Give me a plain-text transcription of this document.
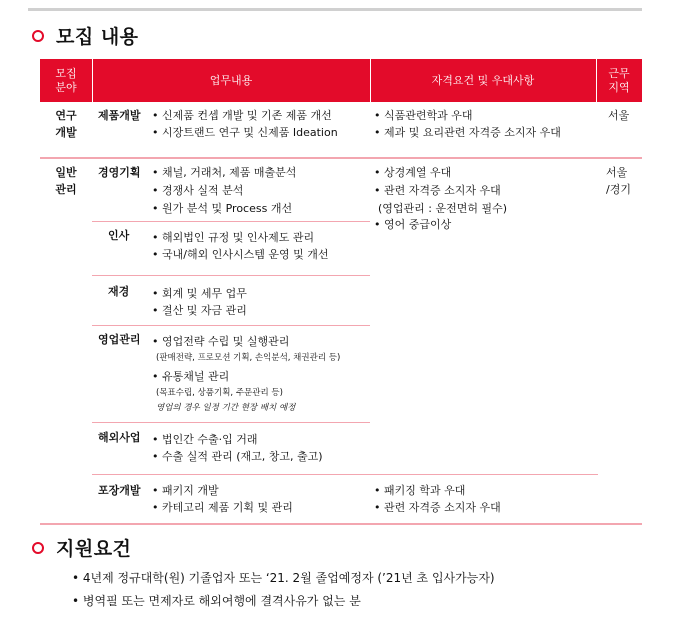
모집 내용
모집
분야
업무내용	자격요건 및 우대사항
근무
지역
연구
개발
제품개발 • 신제품 컨셉 개발 및 기존 제품 개선
• 시장트랜드 연구 및 신제품 Ideation
• 식품관련학과 우대
• 제과 및 요리관련 자격증 소지자 우대
서울
일반
관리
서울
/경기
경영기획 • 채널, 거래처, 제품 매출분석
• 경쟁사 실적 분석
• 원가 분석 및 Process 개선
• 상경계열 우대
• 관련 자격증 소지자 우대
(영업관리 : 운전면허 필수)
• 영어 중급이상
인사 • 해외법인 규정 및 인사제도 관리
• 국내/해외 인사시스템 운영 및 개선
재경 • 회계 및 세무 업무
• 결산 및 자금 관리
영업관리 • 영업전략 수립 및 실행관리
(판매전략, 프로모션 기획, 손익분석, 채권관리 등)
• 유통채널 관리
(목표수립, 상품기획, 주문관리 등)
영업의 경우 일정 기간 현장 배치 예정
해외사업 • 법인간 수출·입 거래
• 수출 실적 관리 (재고, 창고, 출고)
포장개발 • 패키지 개발
• 카테고리 제품 기획 및 관리
• 패키징 학과 우대
• 관련 자격증 소지자 우대
지원요건
• 4년제 정규대학(원) 기졸업자 또는 ‘21. 2월 졸업예정자 (’21년 초 입사가능자)
• 병역필 또는 면제자로 해외여행에 결격사유가 없는 분
